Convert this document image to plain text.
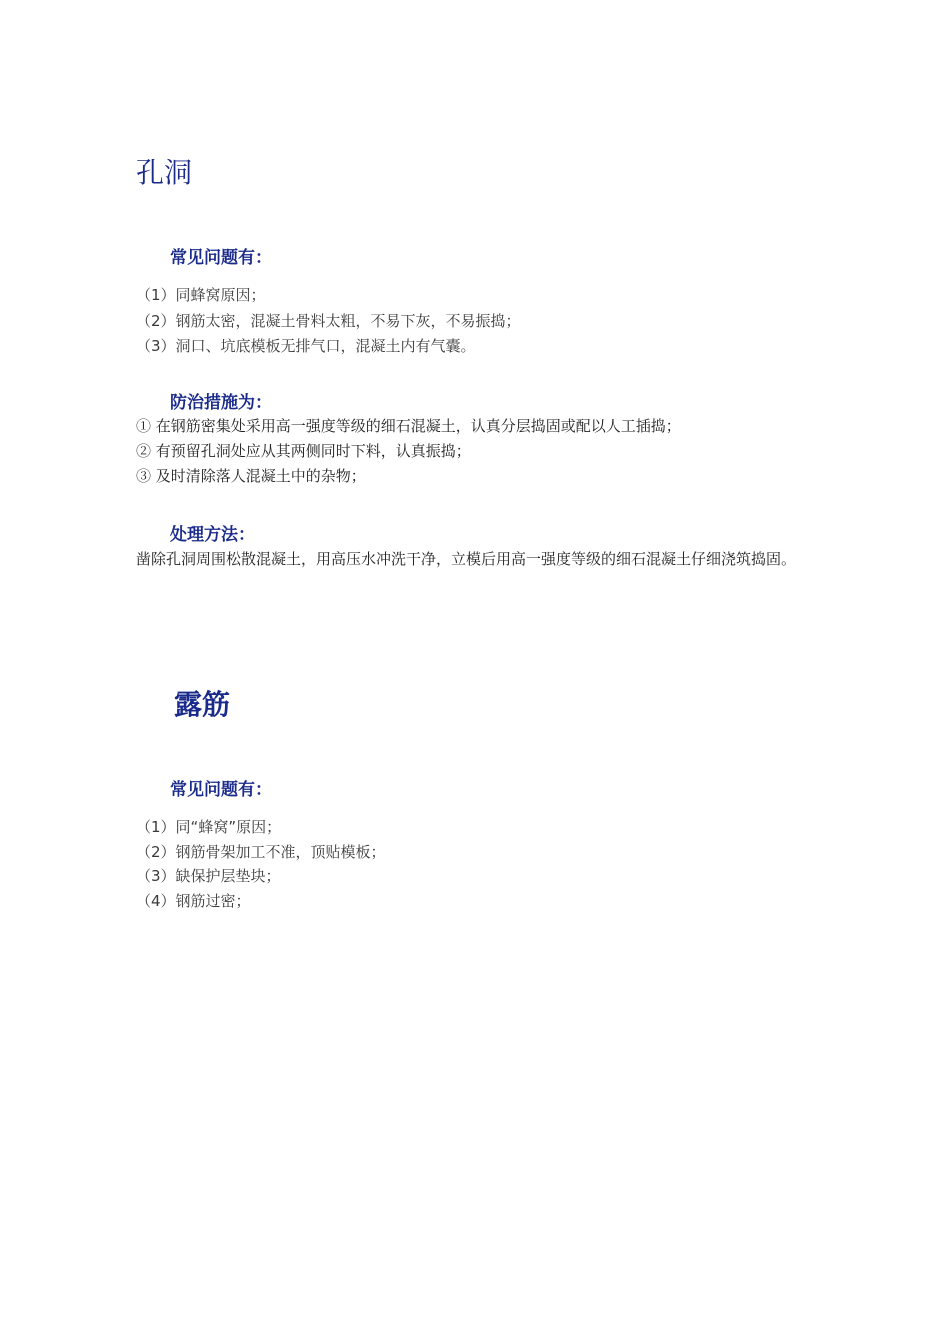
孔洞
常见问题有：
（1）同蜂窝原因；
（2）钢筋太密，混凝土骨料太粗，不易下灰，不易振捣；
（3）洞口、坑底模板无排气口，混凝土内有气囊。
防治措施为：
① 在钢筋密集处采用高一强度等级的细石混凝土，认真分层捣固或配以人工插捣；
② 有预留孔洞处应从其两侧同时下料，认真振捣；
③ 及时清除落人混凝土中的杂物；
处理方法：
凿除孔洞周围松散混凝土，用高压水冲洗干净，立模后用高一强度等级的细石混凝土仔细浇筑捣固。
露筋
常见问题有：
（1）同“蜂窝”原因；
（2）钢筋骨架加工不准，顶贴模板；
（3）缺保护层垫块；
（4）钢筋过密；
